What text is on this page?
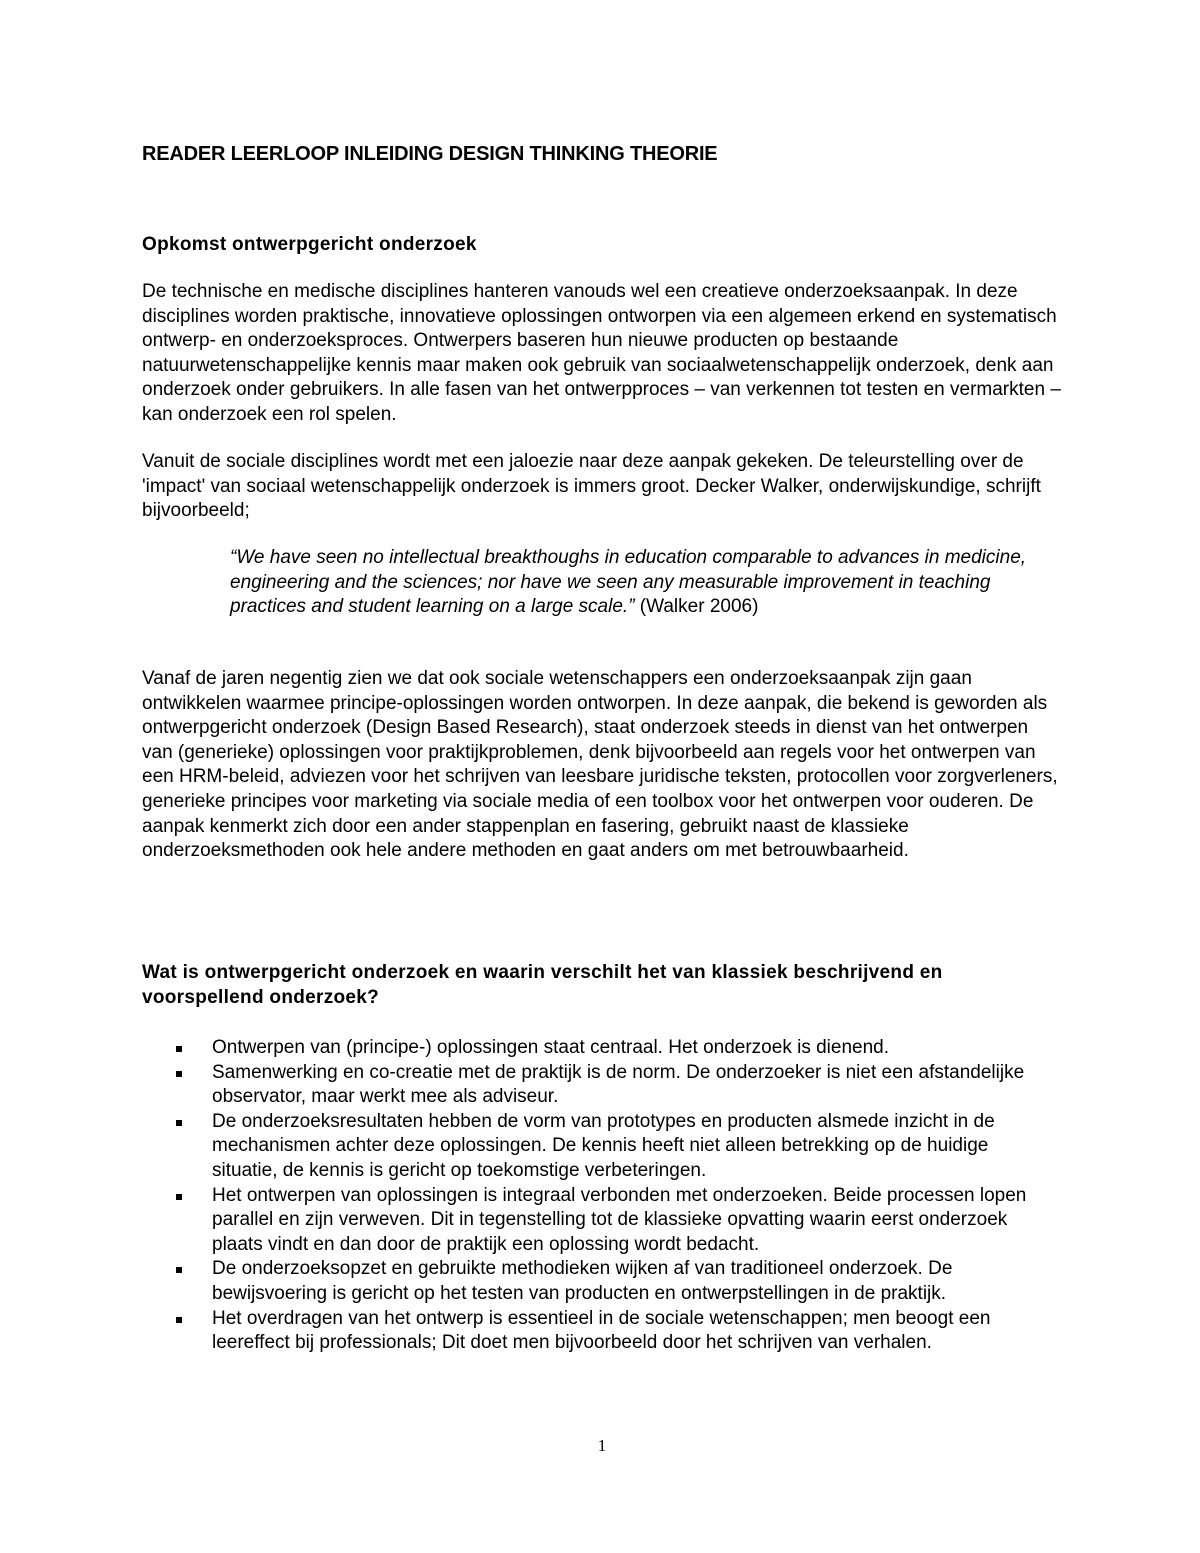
READER LEERLOOP INLEIDING DESIGN THINKING THEORIE
Opkomst ontwerpgericht onderzoek

De technische en medische disciplines hanteren vanouds wel een creatieve onderzoeksaanpak. In deze disciplines worden praktische, innovatieve oplossingen ontworpen via een algemeen erkend en systematisch ontwerp- en onderzoeksproces. Ontwerpers baseren hun nieuwe producten op bestaande natuurwetenschappelijke kennis maar maken ook gebruik van sociaalwetenschappelijk onderzoek, denk aan onderzoek onder gebruikers. In alle fasen van het ontwerpproces – van verkennen tot testen en vermarkten – kan onderzoek een rol spelen.

Vanuit de sociale disciplines wordt met een jaloezie naar deze aanpak gekeken. De teleurstelling over de 'impact' van sociaal wetenschappelijk onderzoek is immers groot. Decker Walker, onderwijskundige, schrijft bijvoorbeeld;

“We have seen no intellectual breakthoughs in education comparable to advances in medicine, engineering and the sciences; nor have we seen any measurable improvement in teaching practices and student learning on a large scale.” (Walker 2006)

Vanaf de jaren negentig zien we dat ook sociale wetenschappers een onderzoeksaanpak zijn gaan ontwikkelen waarmee principe-oplossingen worden ontworpen. In deze aanpak, die bekend is geworden als ontwerpgericht onderzoek (Design Based Research), staat onderzoek steeds in dienst van het ontwerpen van (generieke) oplossingen voor praktijkproblemen, denk bijvoorbeeld aan regels voor het ontwerpen van een HRM-beleid, adviezen voor het schrijven van leesbare juridische teksten, protocollen voor zorgverleners, generieke principes voor marketing via sociale media of een toolbox voor het ontwerpen voor ouderen. De aanpak kenmerkt zich door een ander stappenplan en fasering, gebruikt naast de klassieke onderzoeksmethoden ook hele andere methoden en gaat anders om met betrouwbaarheid.

Wat is ontwerpgericht onderzoek en waarin verschilt het van klassiek beschrijvend en voorspellend onderzoek?
Ontwerpen van (principe-) oplossingen staat centraal. Het onderzoek is dienend.
Samenwerking en co-creatie met de praktijk is de norm. De onderzoeker is niet een afstandelijke observator, maar werkt mee als adviseur.
De onderzoeksresultaten hebben de vorm van prototypes en producten alsmede inzicht in de mechanismen achter deze oplossingen. De kennis heeft niet alleen betrekking op de huidige situatie, de kennis is gericht op toekomstige verbeteringen.
Het ontwerpen van oplossingen is integraal verbonden met onderzoeken. Beide processen lopen parallel en zijn verweven. Dit in tegenstelling tot de klassieke opvatting waarin eerst onderzoek plaats vindt en dan door de praktijk een oplossing wordt bedacht.
De onderzoeksopzet en gebruikte methodieken wijken af van traditioneel onderzoek. De bewijsvoering is gericht op het testen van producten en ontwerpstellingen in de praktijk.
Het overdragen van het ontwerp is essentieel in de sociale wetenschappen; men beoogt een leereffect bij professionals; Dit doet men bijvoorbeeld door het schrijven van verhalen.
1
